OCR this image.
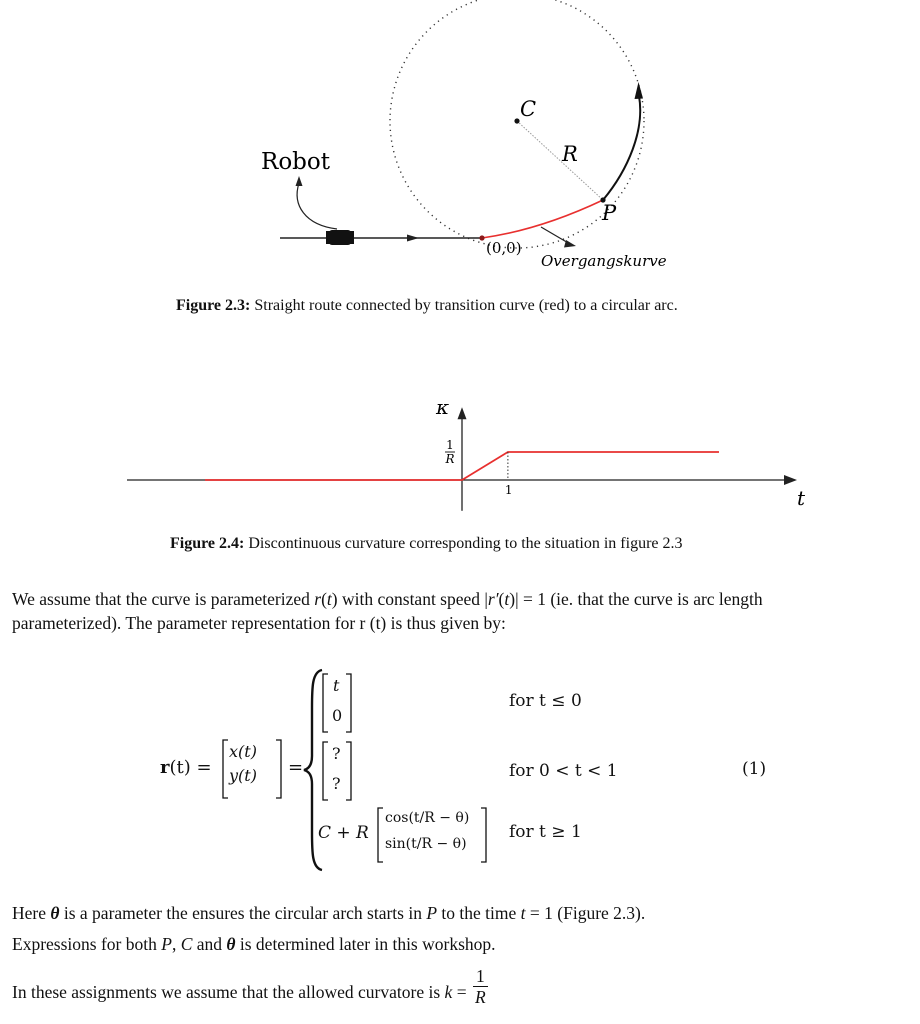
Robot
C
R
P
(0,0)
Overgangskurve
Figure 2.3: Straight route connected by transition curve (red) to a circular arc.
κ
t
1
1
R
Figure 2.4: Discontinuous curvature corresponding to the situation in figure 2.3
We assume that the curve is parameterized r(t) with constant speed |r′(t)| = 1 (ie. that the curve is arc length
parameterized). The parameter representation for r (t) is thus given by:
r(t) =
x(t)
y(t) =
t
0
?
?
C + R
cos(t/R − θ)
sin(t/R − θ)
for t ≤ 0
for 0 < t < 1
for t ≥ 1
(1)
Here θ is a parameter the ensures the circular arch starts in P to the time t = 1 (Figure 2.3).
Expressions for both P, C and θ is determined later in this workshop.
In these assignments we assume that the allowed curvatore is $k = \frac{1}{R}$
